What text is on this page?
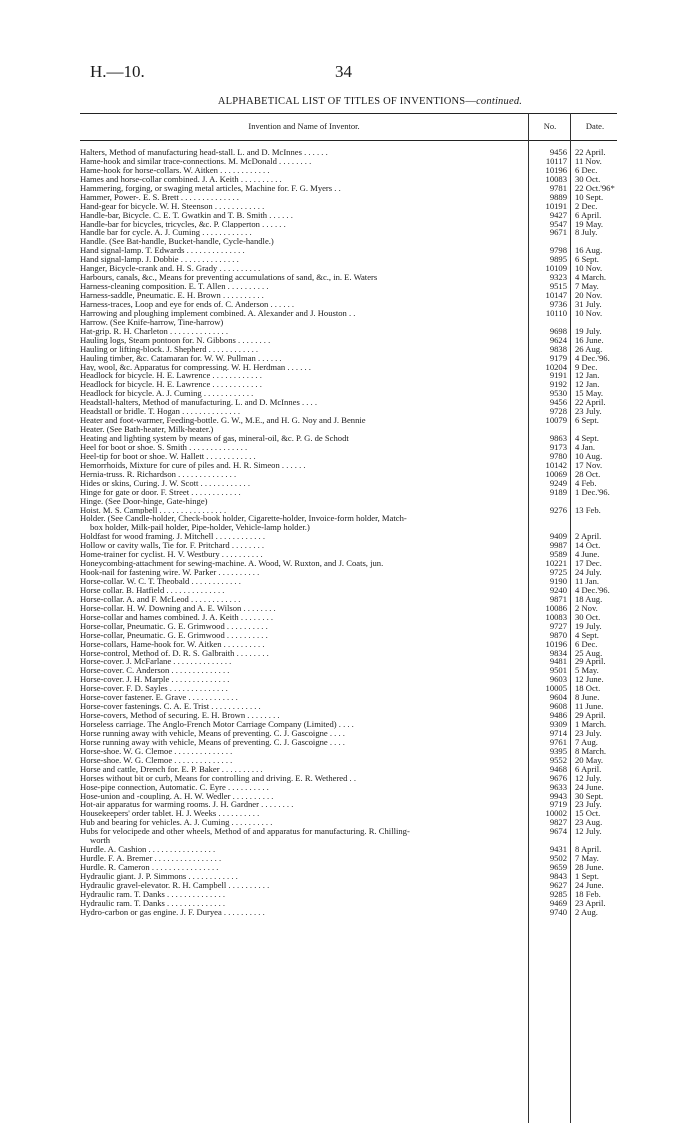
H.—10.	34
ALPHABETICAL LIST OF TITLES OF INVENTIONS—continued.
Invention and Name of Inventor.	No.	Date.
Halters, Method of manufacturing head-stall. L. and D. McInnes . . . . . .	9456 22 April.
Hame-hook and similar trace-connections. M. McDonald . . . . . . . .	10117 11 Nov.
Hame-hook for horse-collars. W. Aitken . . . . . . . . . . . .	10196 6 Dec.
Hames and horse-collar combined. J. A. Keith . . . . . . . . . .	10083 30 Oct.
Hammering, forging, or swaging metal articles, Machine for. F. G. Myers . .	9781 22 Oct.'96*
Hammer, Power-. E. S. Brett . . . . . . . . . . . . . .	9889 10 Sept.
Hand-gear for bicycle. W. H. Steenson . . . . . . . . . . . .	10191 2 Dec.
Handle-bar, Bicycle. C. E. T. Gwatkin and T. B. Smith . . . . . .	9427 6 April.
Handle-bar for bicycles, tricycles, &c. P. Clapperton . . . . . .	9547 19 May.
Handle bar for cycle. A. J. Cuming . . . . . . . . . . . .	9671 8 July.
Handle. (See Bat-handle, Bucket-handle, Cycle-handle.)
Hand signal-lamp. T. Edwards . . . . . . . . . . . . . .	9798 16 Aug.
Hand signal-lamp. J. Dobbie . . . . . . . . . . . . . .	9895 6 Sept.
Hanger, Bicycle-crank and. H. S. Grady . . . . . . . . . .	10109 10 Nov.
Harbours, canals, &c., Means for preventing accumulations of sand, &c., in. E. Waters	9323 4 March.
Harness-cleaning composition. E. T. Allen . . . . . . . . . .	9515 7 May.
Harness-saddle, Pneumatic. E. H. Brown . . . . . . . . . .	10147 20 Nov.
Harness-traces, Loop and eye for ends of. C. Anderson . . . . . .	9736 31 July.
Harrowing and ploughing implement combined. A. Alexander and J. Houston . .	10110 10 Nov.
Harrow. (See Knife-harrow, Tine-harrow)
Hat-grip. R. H. Charleton . . . . . . . . . . . . . .	9698 19 July.
Hauling logs, Steam pontoon for. N. Gibbons . . . . . . . .	9624 16 June.
Hauling or lifting-block. J. Shepherd . . . . . . . . . . . .	9838 26 Aug.
Hauling timber, &c. Catamaran for. W. W. Pullman . . . . . .	9179 4 Dec.'96.
Hay, wool, &c. Apparatus for compressing. W. H. Herdman . . . . . .	10204 9 Dec.
Headlock for bicycle. H. E. Lawrence . . . . . . . . . . . .	9191 12 Jan.
Headlock for bicycle. H. E. Lawrence . . . . . . . . . . . .	9192 12 Jan.
Headlock for bicycle. A. J. Cuming . . . . . . . . . . . .	9530 15 May.
Headstall-halters, Method of manufacturing. L. and D. McInnes . . . .	9456 22 April.
Headstall or bridle. T. Hogan . . . . . . . . . . . . . .	9728 23 July.
Heater and foot-warmer, Feeding-bottle. G. W., M.E., and H. G. Noy and J. Bennie	10079 6 Sept.
Heater. (See Bath-heater, Milk-heater.)
Heating and lighting system by means of gas, mineral-oil, &c. P. G. de Schodt	9863 4 Sept.
Heel for boot or shoe. S. Smith . . . . . . . . . . . . . .	9173 4 Jan.
Heel-tip for boot or shoe. W. Hallett . . . . . . . . . . . .	9780 10 Aug.
Hemorrhoids, Mixture for cure of piles and. H. R. Simeon . . . . . .	10142 17 Nov.
Hernia-truss. R. Richardson . . . . . . . . . . . . . .	10069 28 Oct.
Hides or skins, Curing. J. W. Scott . . . . . . . . . . . .	9249 4 Feb.
Hinge for gate or door. F. Street . . . . . . . . . . . .	9189 1 Dec.'96.
Hinge. (See Door-hinge, Gate-hinge)
Hoist. M. S. Campbell . . . . . . . . . . . . . . . .	9276 13 Feb.
Holder. (See Candle-holder, Check-book holder, Cigarette-holder, Invoice-form holder, Match-
box holder, Milk-pail holder, Pipe-holder, Vehicle-lamp holder.)
Holdfast for wood framing. J. Mitchell . . . . . . . . . . . .	9409 2 April.
Hollow or cavity walls, Tie for. F. Pritchard . . . . . . . .	9987 14 Oct.
Home-trainer for cyclist. H. V. Westbury . . . . . . . . . .	9589 4 June.
Honeycombing-attachment for sewing-machine. A. Wood, W. Ruxton, and J. Coats, jun.	10221 17 Dec.
Hook-nail for fastening wire. W. Parker . . . . . . . . . .	9725 24 July.
Horse-collar. W. C. T. Theobald . . . . . . . . . . . .	9190 11 Jan.
Horse collar. B. Hatfield . . . . . . . . . . . . . .	9240 4 Dec.'96.
Horse-collar. A. and F. McLeod . . . . . . . . . . . .	9871 18 Aug.
Horse-collar. H. W. Downing and A. E. Wilson . . . . . . . .	10086 2 Nov.
Horse-collar and hames combined. J. A. Keith . . . . . . . .	10083 30 Oct.
Horse-collar, Pneumatic. G. E. Grimwood . . . . . . . . . .	9727 19 July.
Horse-collar, Pneumatic. G. E. Grimwood . . . . . . . . . .	9870 4 Sept.
Horse-collars, Hame-hook for. W. Aitken . . . . . . . . . .	10196 6 Dec.
Horse-control, Method of. D. R. S. Galbraith . . . . . . . .	9834 25 Aug.
Horse-cover. J. McFarlane . . . . . . . . . . . . . .	9481 29 April.
Horse-cover. C. Anderson . . . . . . . . . . . . . .	9501 5 May.
Horse-cover. J. H. Marple . . . . . . . . . . . . . .	9603 12 June.
Horse-cover. F. D. Sayles . . . . . . . . . . . . . .	10005 18 Oct.
Horse-cover fastener. E. Grave . . . . . . . . . . . .	9604 8 June.
Horse-cover fastenings. C. A. E. Trist . . . . . . . . . . . .	9608 11 June.
Horse-covers, Method of securing. E. H. Brown . . . . . . . .	9486 29 April.
Horseless carriage. The Anglo-French Motor Carriage Company (Limited) . . . .	9309 1 March.
Horse running away with vehicle, Means of preventing. C. J. Gascoigne . . . .	9714 23 July.
Horse running away with vehicle, Means of preventing. C. J. Gascoigne . . . .	9761 7 Aug.
Horse-shoe. W. G. Clemoe . . . . . . . . . . . . . .	9395 8 March.
Horse-shoe. W. G. Clemoe . . . . . . . . . . . . . .	9552 20 May.
Horse and cattle, Drench for. E. P. Baker . . . . . . . . . .	9468 6 April.
Horses without bit or curb, Means for controlling and driving. E. R. Wethered . .	9676 12 July.
Hose-pipe connection, Automatic. C. Eyre . . . . . . . . . .	9633 24 June.
Hose-union and -coupling. A. H. W. Wedler . . . . . . . . . .	9943 30 Sept.
Hot-air apparatus for warming rooms. J. H. Gardner . . . . . . . .	9719 23 July.
Housekeepers' order tablet. H. J. Weeks . . . . . . . . . .	10002 15 Oct.
Hub and bearing for vehicles. A. J. Cuming . . . . . . . . . .	9827 23 Aug.
Hubs for velocipede and other wheels, Method of and apparatus for manufacturing. R. Chilling-	9674 12 July.
worth
Hurdle. A. Cashion . . . . . . . . . . . . . . . .	9431 8 April.
Hurdle. F. A. Bremer . . . . . . . . . . . . . . . .	9502 7 May.
Hurdle. R. Cameron . . . . . . . . . . . . . . . .	9659 28 June.
Hydraulic giant. J. P. Simmons . . . . . . . . . . . .	9843 1 Sept.
Hydraulic gravel-elevator. R. H. Campbell . . . . . . . . . .	9627 24 June.
Hydraulic ram. T. Danks . . . . . . . . . . . . . .	9285 18 Feb.
Hydraulic ram. T. Danks . . . . . . . . . . . . . .	9469 23 April.
Hydro-carbon or gas engine. J. F. Duryea . . . . . . . . . .	9740 2 Aug.
